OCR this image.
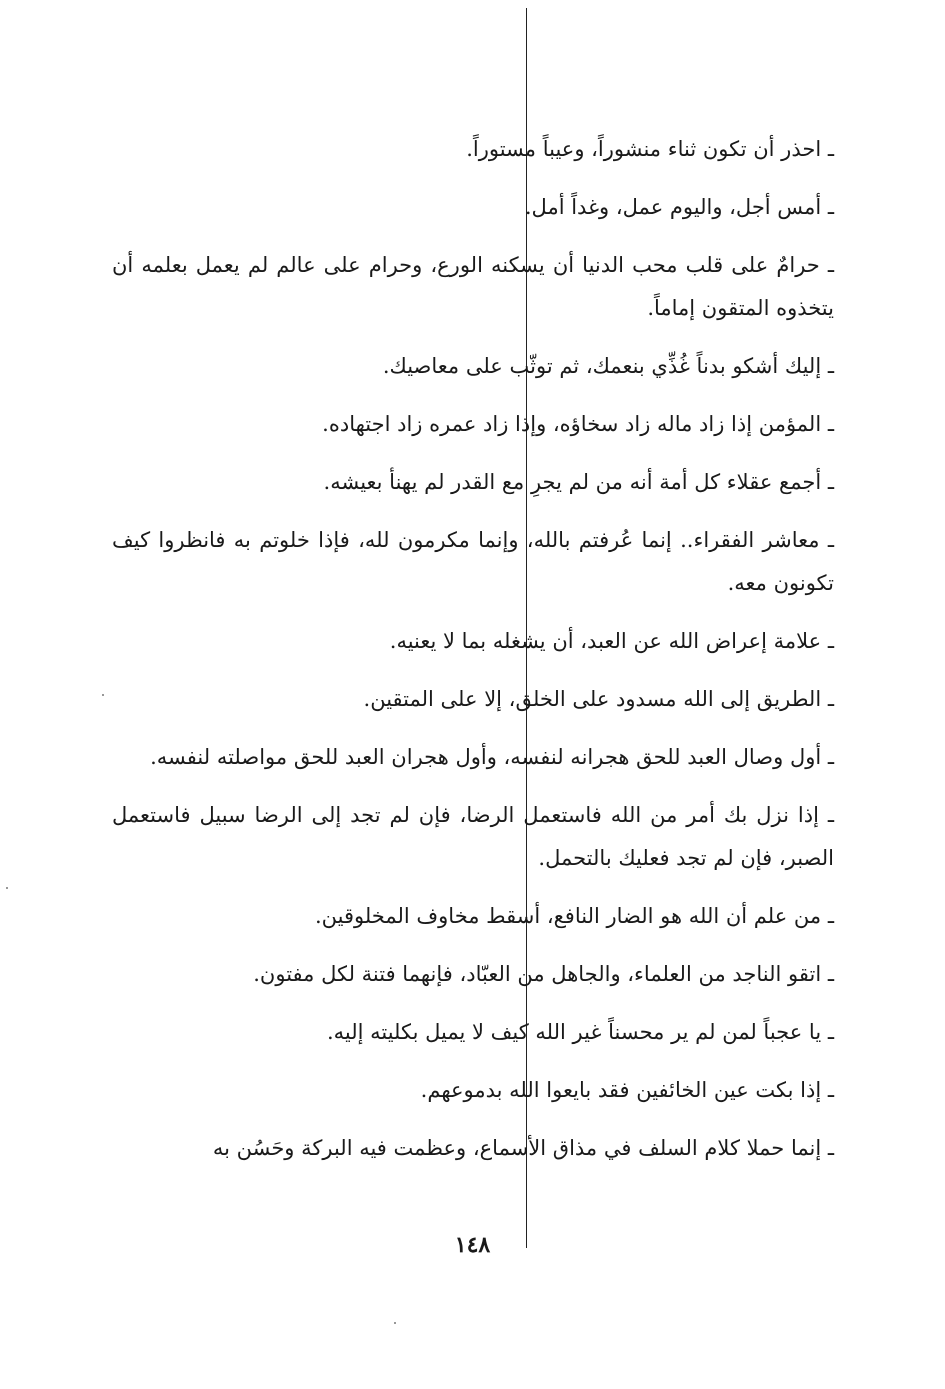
ـ احذر أن تكون ثناء منشوراً، وعيباً مستوراً.

ـ أمس أجل، واليوم عمل، وغداً أمل.

ـ حرامٌ على قلب محب الدنيا أن يسكنه الورع، وحرام على عالم لم يعمل بعلمه أن يتخذوه المتقون إماماً.

ـ إليك أشكو بدناً غُذِّي بنعمك، ثم توثّب على معاصيك.

ـ المؤمن إذا زاد ماله زاد سخاؤه، وإذا زاد عمره زاد اجتهاده.

ـ أجمع عقلاء كل أمة أنه من لم يجرِ مع القدر لم يهنأ بعيشه.

ـ معاشر الفقراء.. إنما عُرفتم بالله، وإنما مكرمون لله، فإذا خلوتم به فانظروا كيف تكونون معه.

ـ علامة إعراض الله عن العبد، أن يشغله بما لا يعنيه.

ـ الطريق إلى الله مسدود على الخلق، إلا على المتقين.

ـ أول وصال العبد للحق هجرانه لنفسه، وأول هجران العبد للحق مواصلته لنفسه.

ـ إذا نزل بك أمر من الله فاستعمل الرضا، فإن لم تجد إلى الرضا سبيل فاستعمل الصبر، فإن لم تجد فعليك بالتحمل.

ـ من علم أن الله هو الضار النافع، أسقط مخاوف المخلوقين.

ـ اتقو الناجد من العلماء، والجاهل من العبّاد، فإنهما فتنة لكل مفتون.

ـ يا عجباً لمن لم ير محسناً غير الله كيف لا يميل بكليته إليه.

ـ إذا بكت عين الخائفين فقد بايعوا الله بدموعهم.

ـ إنما حملا كلام السلف في مذاق الأسماع، وعظمت فيه البركة وحَسُن به

١٤٨
